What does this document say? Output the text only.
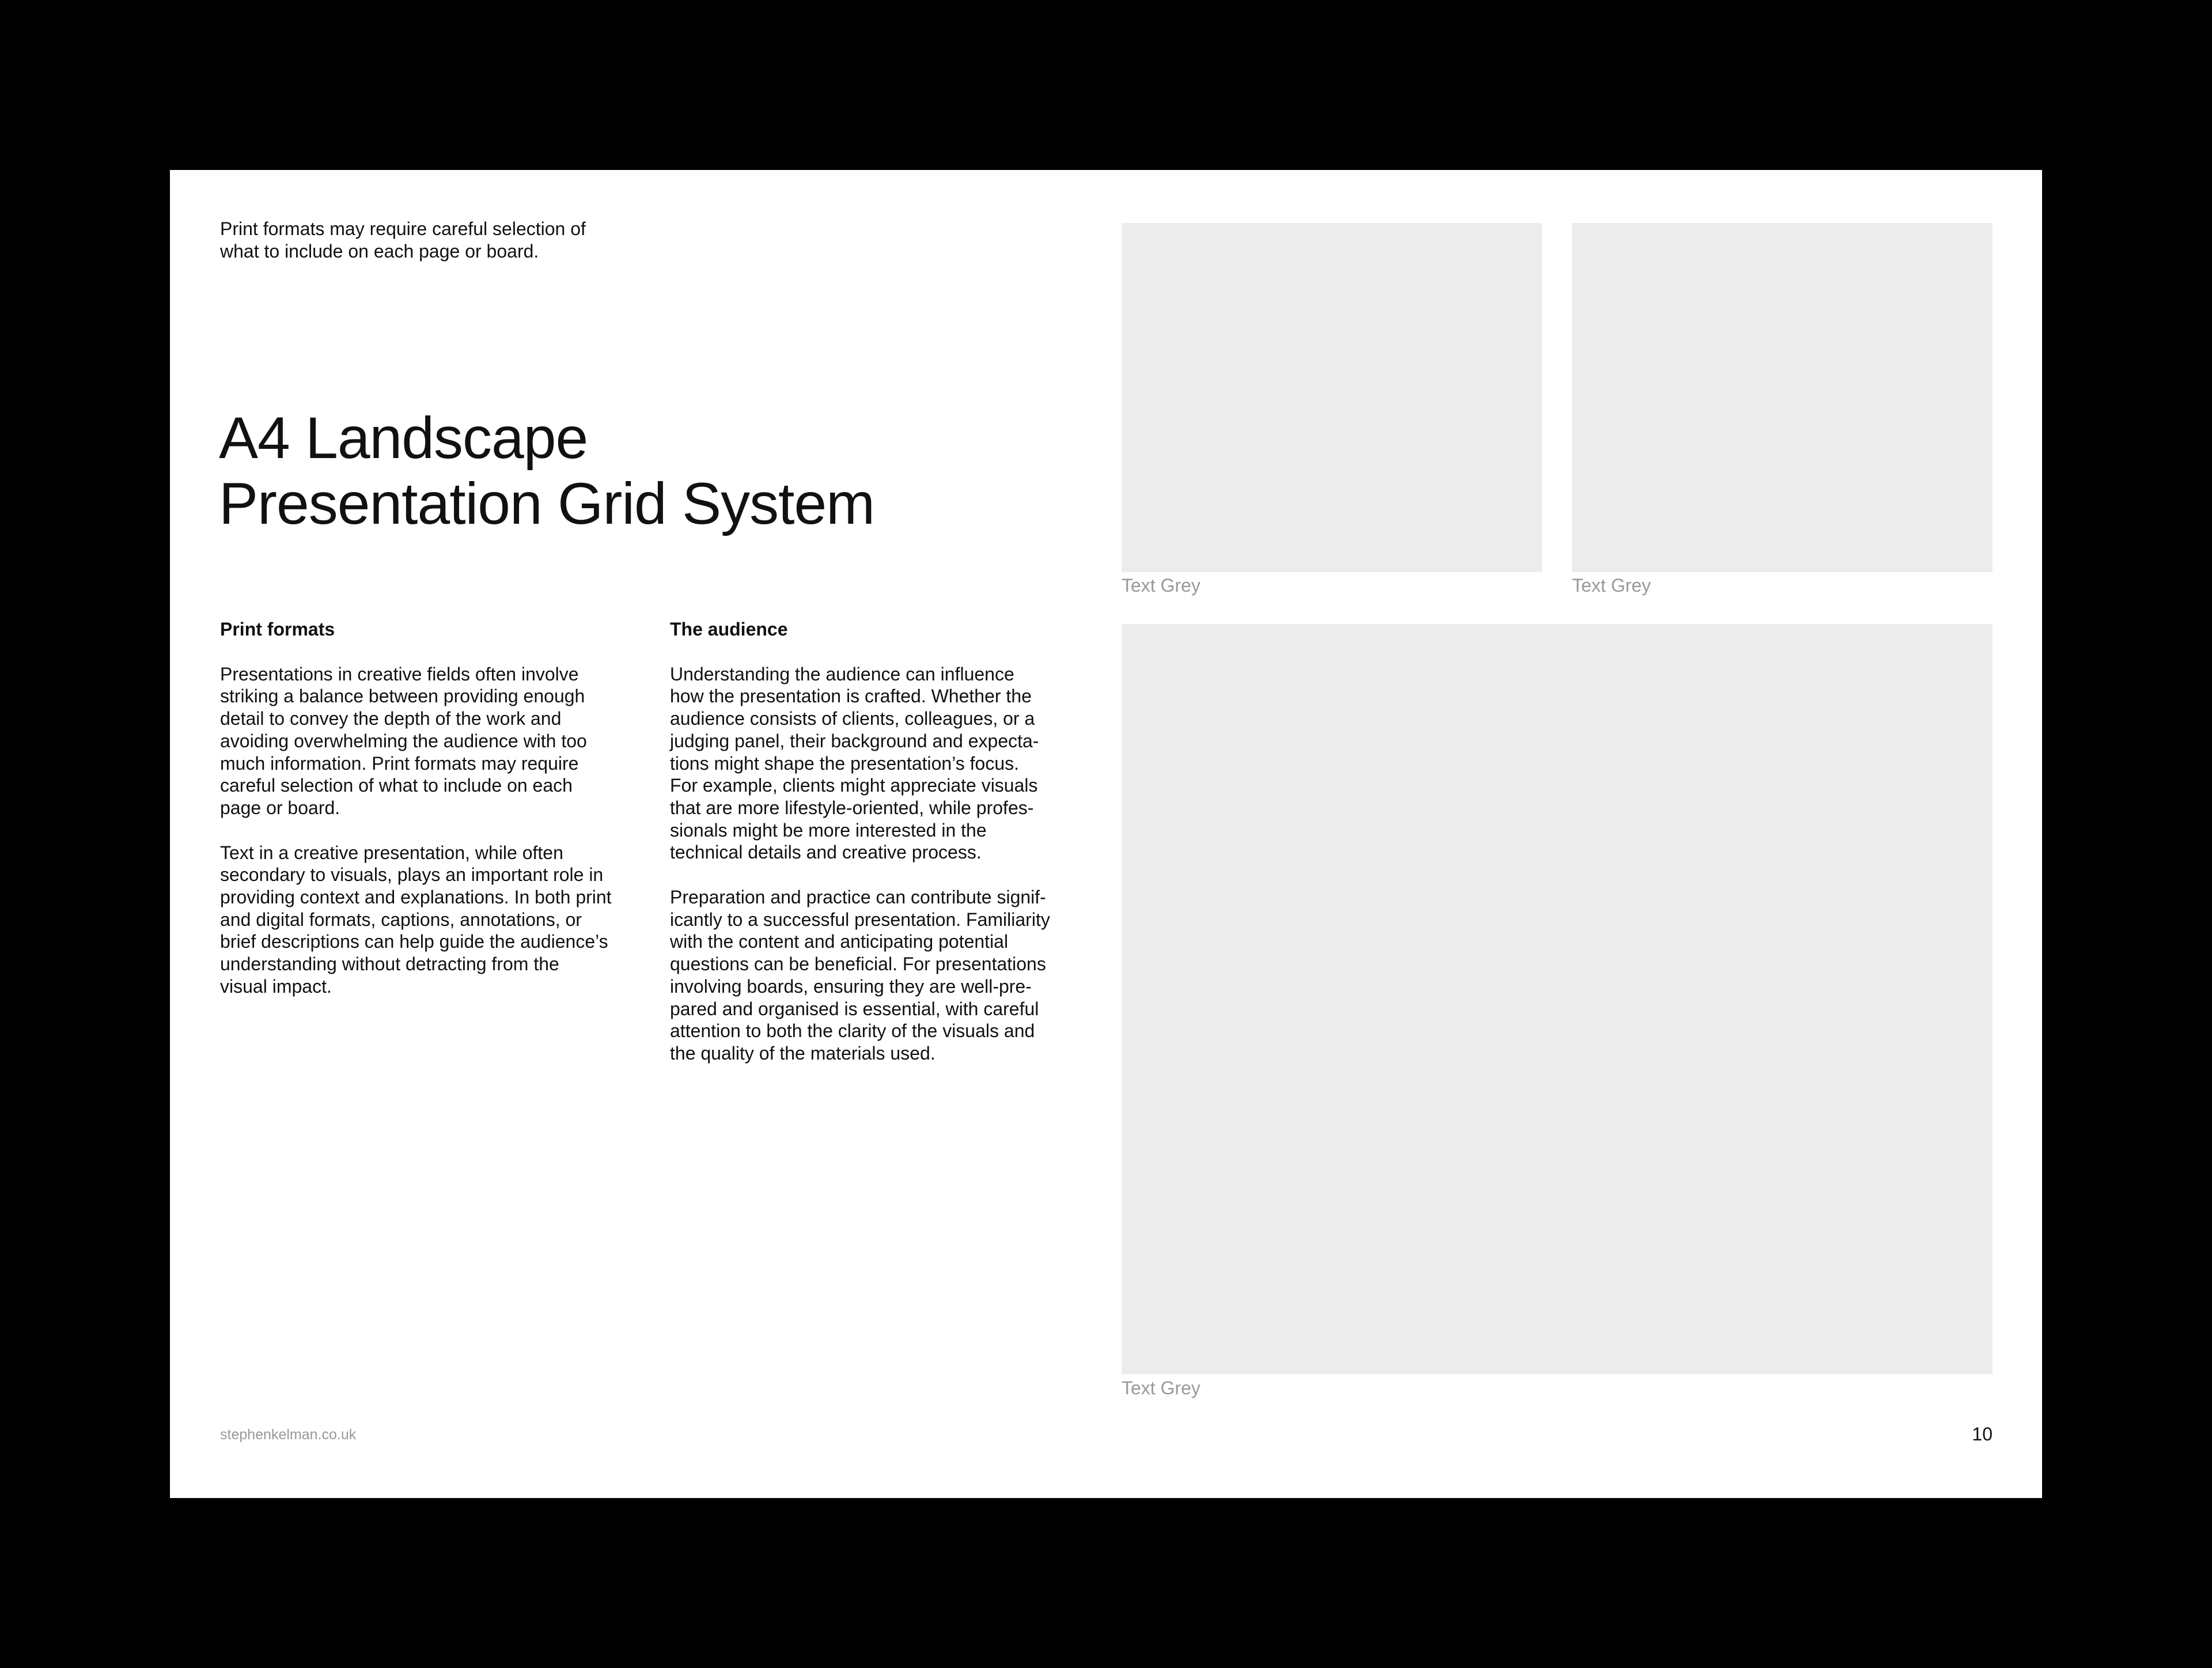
Print formats may require careful selection of
what to include on each page or board.
A4 Landscape
Presentation Grid System
Print formats

Presentations in creative fields often involve
striking a balance between providing enough
detail to convey the depth of the work and
avoiding overwhelming the audience with too
much information. Print formats may require
careful selection of what to include on each
page or board.

Text in a creative presentation, while often
secondary to visuals, plays an important role in
providing context and explanations. In both print
and digital formats, captions, annotations, or
brief descriptions can help guide the audience’s
understanding without detracting from the
visual impact.

The audience

Understanding the audience can influence
how the presentation is crafted. Whether the
audience consists of clients, colleagues, or a
judging panel, their background and expecta-
tions might shape the presentation’s focus.
For example, clients might appreciate visuals
that are more lifestyle-oriented, while profes-
sionals might be more interested in the
technical details and creative process.

Preparation and practice can contribute signif-
icantly to a successful presentation. Familiarity
with the content and anticipating potential
questions can be beneficial. For presentations
involving boards, ensuring they are well-pre-
pared and organised is essential, with careful
attention to both the clarity of the visuals and
the quality of the materials used.

Text Grey	Text Grey
Text Grey
stephenkelman.co.uk	10
